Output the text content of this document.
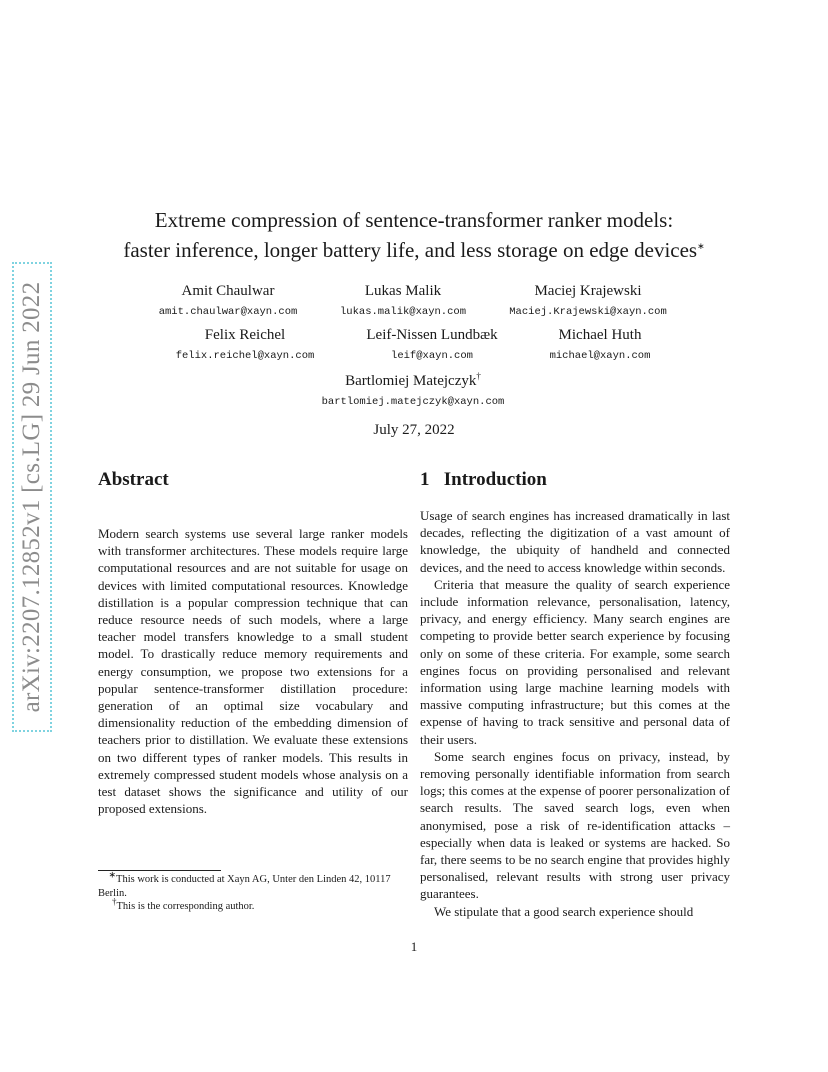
arXiv:2207.12852v1 [cs.LG] 29 Jun 2022
Extreme compression of sentence-transformer ranker models:
faster inference, longer battery life, and less storage on edge devices∗
Amit Chaulwar
amit.chaulwar@xayn.com
Lukas Malik
lukas.malik@xayn.com
Maciej Krajewski
Maciej.Krajewski@xayn.com
Felix Reichel
felix.reichel@xayn.com
Leif-Nissen Lundbæk
leif@xayn.com
Michael Huth
michael@xayn.com
Bartlomiej Matejczyk†
bartlomiej.matejczyk@xayn.com
July 27, 2022
Abstract

Modern search systems use several large ranker models with transformer architectures. These models require large computational resources and are not suitable for usage on devices with limited computational resources. Knowledge distillation is a popular compression technique that can reduce resource needs of such models, where a large teacher model transfers knowledge to a small student model. To drastically reduce memory requirements and energy consumption, we propose two extensions for a popular sentence-transformer distillation procedure: generation of an optimal size vocabulary and dimensionality reduction of the embedding dimension of teachers prior to distillation. We evaluate these extensions on two different types of ranker models. This results in extremely compressed student models whose analysis on a test dataset shows the significance and utility of our proposed extensions.

1 Introduction

Usage of search engines has increased dramatically in last decades, reflecting the digitization of a vast amount of knowledge, the ubiquity of handheld and connected devices, and the need to access knowledge within seconds.

Criteria that measure the quality of search experience include information relevance, personalisation, latency, privacy, and energy efficiency. Many search engines are competing to provide better search experience by focusing only on some of these criteria. For example, some search engines focus on providing personalised and relevant information using large machine learning models with massive computing infrastructure; but this comes at the expense of having to track sensitive and personal data of their users.

Some search engines focus on privacy, instead, by removing personally identifiable information from search logs; this comes at the expense of poorer personalization of search results. The saved search logs, even when anonymised, pose a risk of re-identification attacks – especially when data is leaked or systems are hacked. So far, there seems to be no search engine that provides highly personalised, relevant results with strong user privacy guarantees.

We stipulate that a good search experience should

∗This work is conducted at Xayn AG, Unter den Linden 42, 10117 Berlin.

†This is the corresponding author.

1
